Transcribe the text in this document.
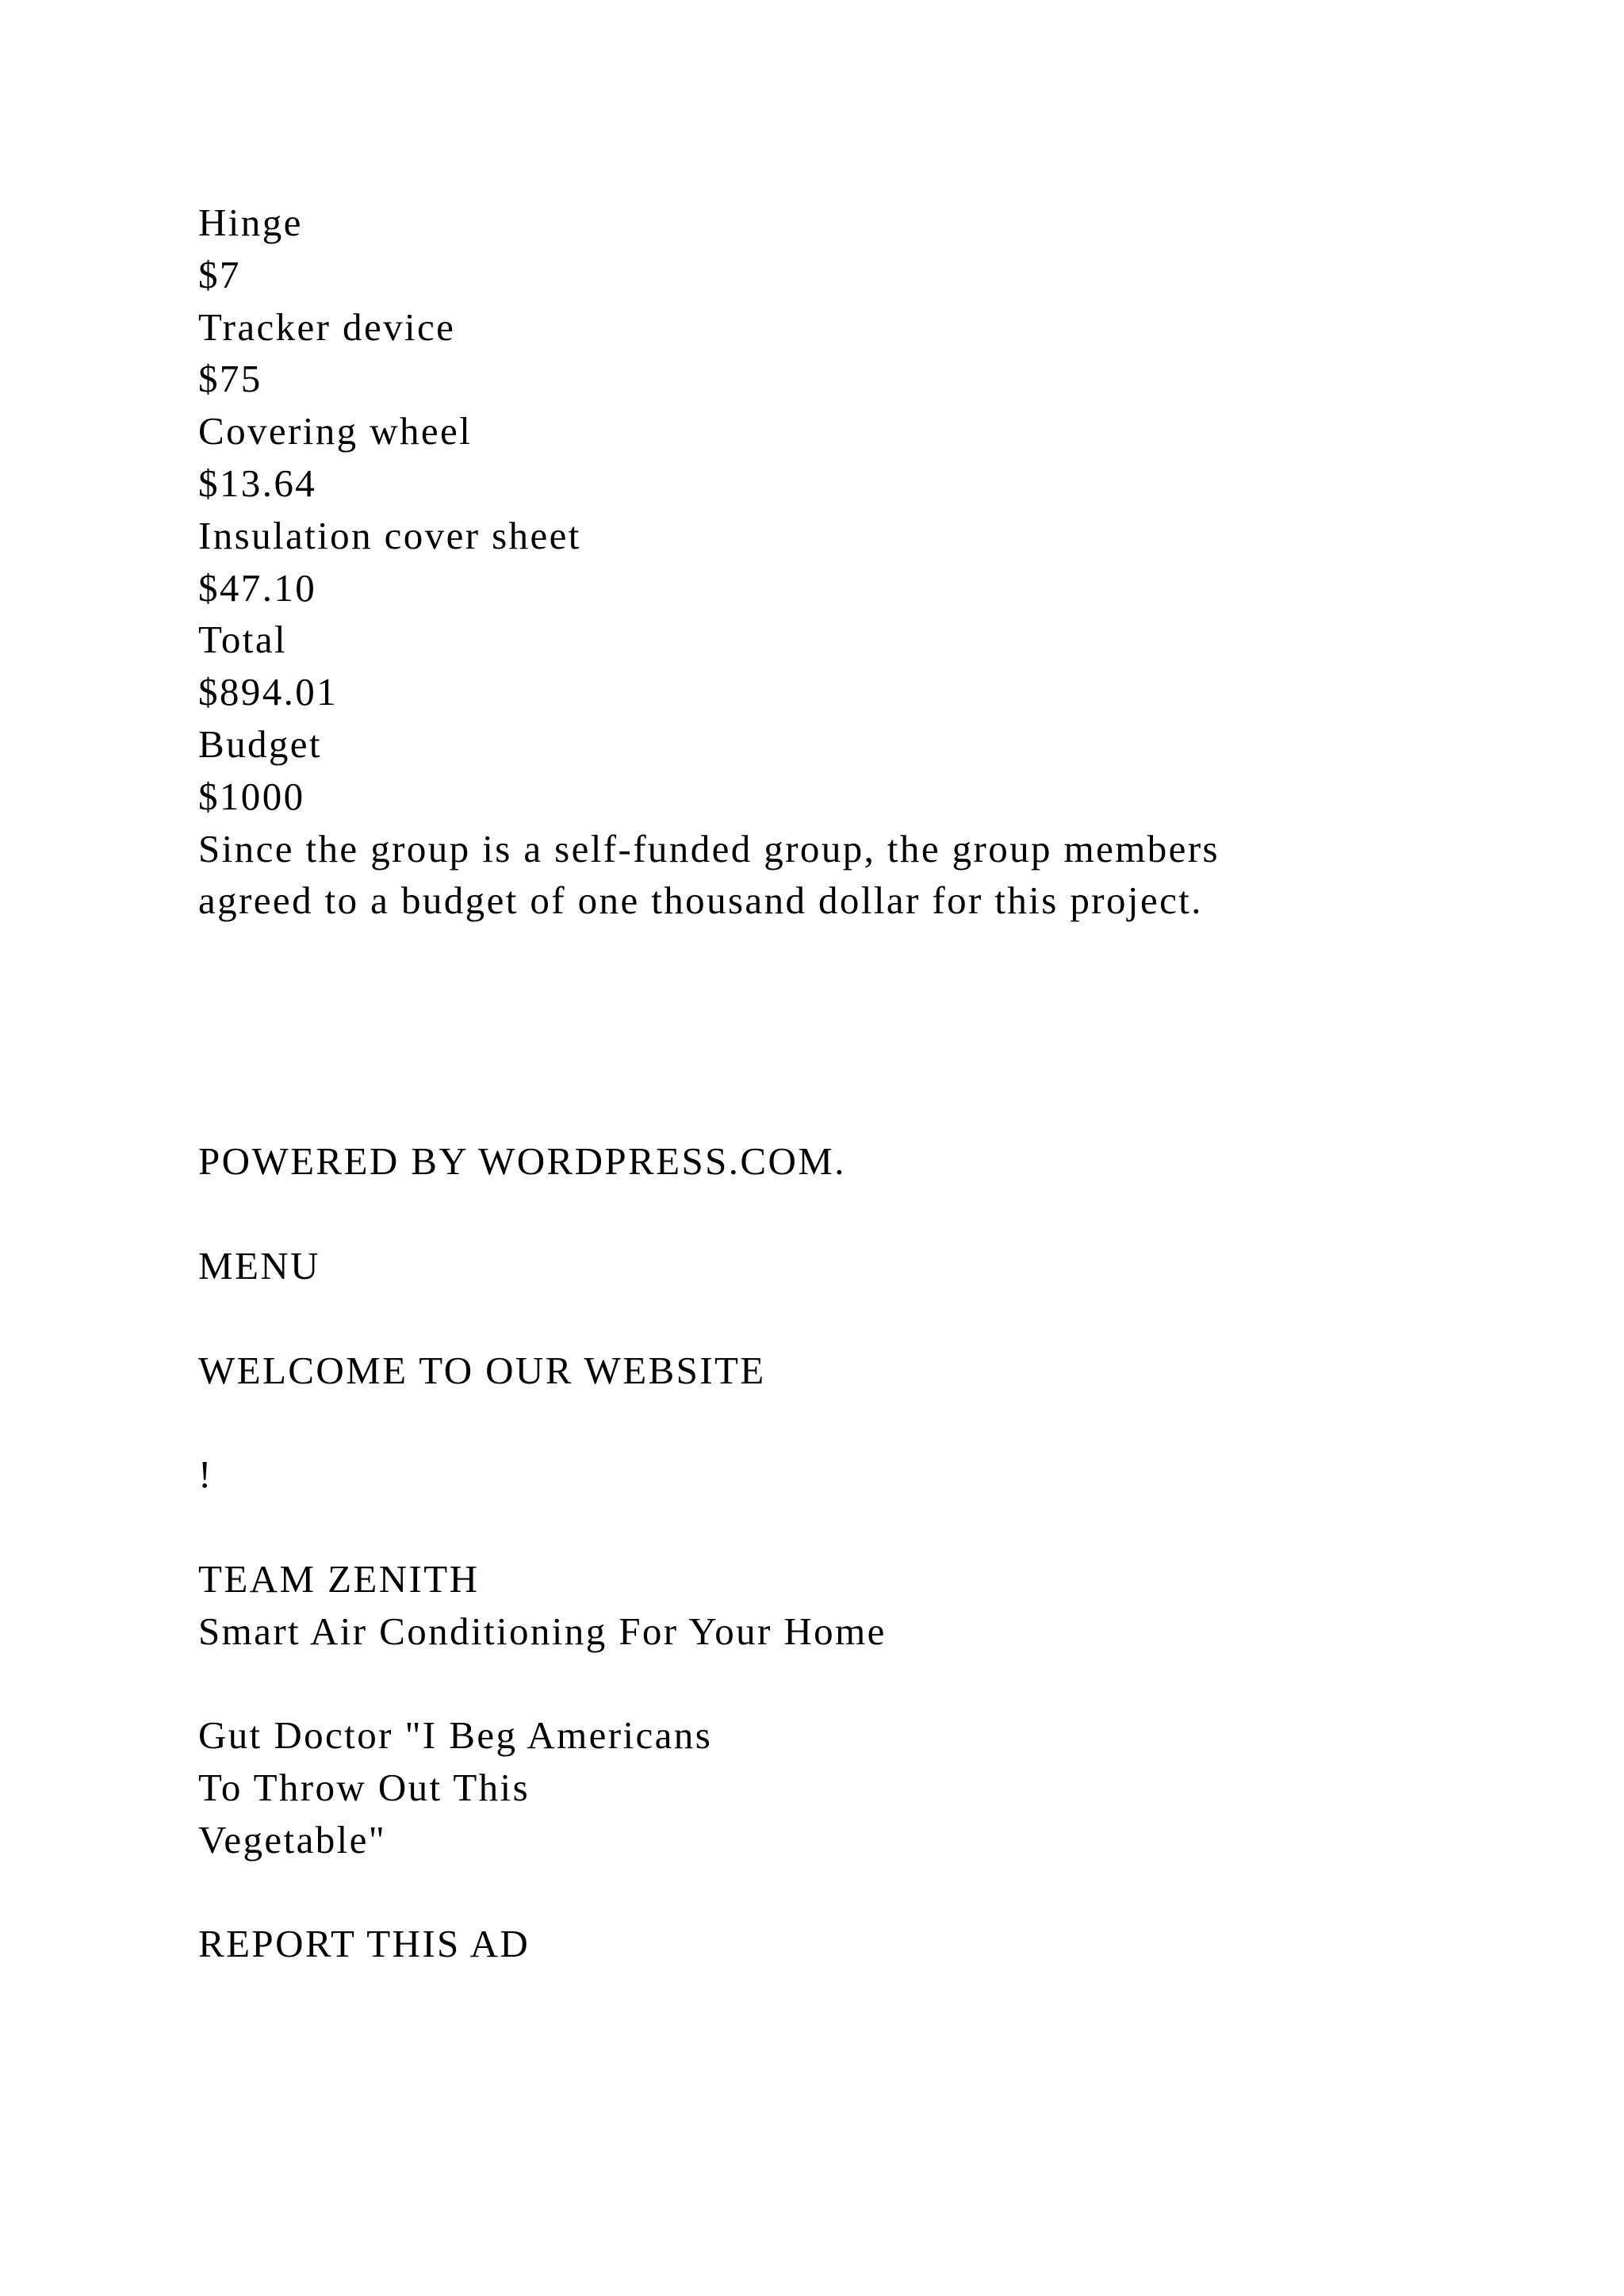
Hinge
$7
Tracker device
$75
Covering wheel
$13.64
Insulation cover sheet
$47.10
Total
$894.01
Budget
$1000
Since the group is a self-funded group, the group members
agreed to a budget of one thousand dollar for this project.
POWERED BY WORDPRESS.COM.
MENU
WELCOME TO OUR WEBSITE
!
TEAM ZENITH
Smart Air Conditioning For Your Home
Gut Doctor "I Beg Americans
To Throw Out This
Vegetable"
REPORT THIS AD
